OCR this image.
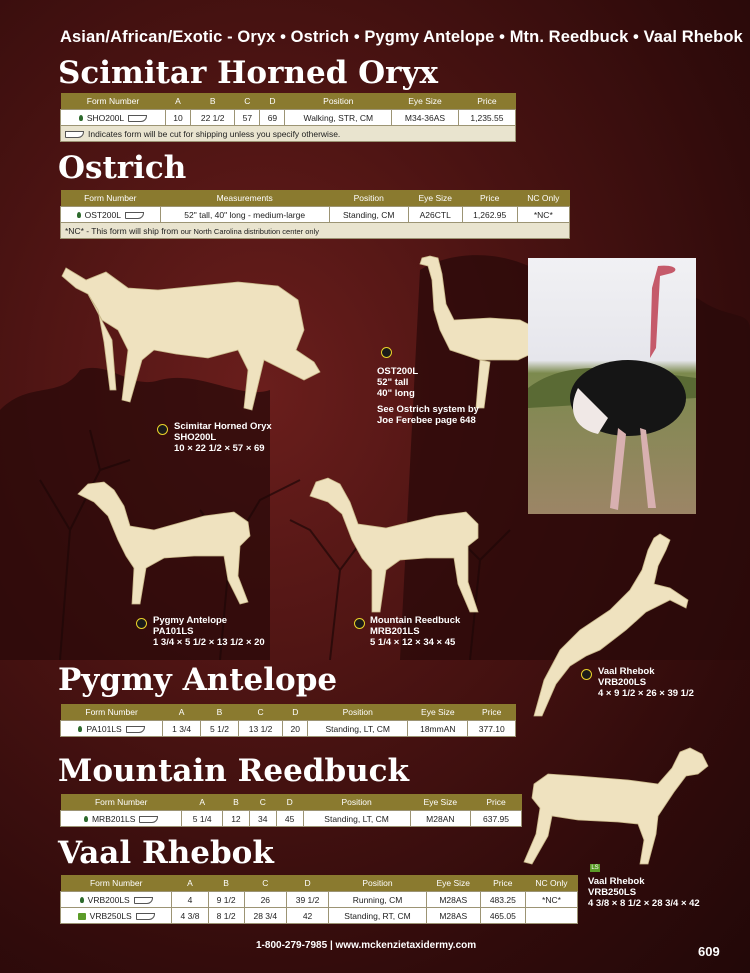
Asian/African/Exotic - Oryx • Ostrich • Pygmy Antelope • Mtn. Reedbuck • Vaal Rhebok
Scimitar Horned Oryx
Form Number	A	B	C	D	Position	Eye Size	Price
SHO200L	10	22 1/2	57	69	Walking, STR, CM	M34-36AS	1,235.55
Indicates form will be cut for shipping unless you specify otherwise.							
Ostrich
Form Number	Measurements	Position	Eye Size	Price	NC Only
OST200L	52" tall, 40" long - medium-large	Standing, CM	A26CTL	1,262.95	*NC*
*NC* - This form will ship from our North Carolina distribution center only					
OST200L
52" tall
40" long
See Ostrich system by
Joe Ferebee page 648
Scimitar Horned Oryx
SHO200L
10 × 22 1/2 × 57 × 69
Pygmy Antelope
PA101LS
1 3/4 × 5 1/2 × 13 1/2 × 20
Mountain Reedbuck
MRB201LS
5 1/4 × 12 × 34 × 45
Vaal Rhebok
VRB200LS
4 × 9 1/2 × 26 × 39 1/2
Pygmy Antelope
Form Number	A	B	C	D	Position	Eye Size	Price
PA101LS	1 3/4	5 1/2	13 1/2	20	Standing, LT, CM	18mmAN	377.10
LS
Vaal Rhebok
VRB250LS
4 3/8 × 8 1/2 × 28 3/4 × 42
Mountain Reedbuck
Form Number	A	B	C	D	Position	Eye Size	Price
MRB201LS	5 1/4	12	34	45	Standing, LT, CM	M28AN	637.95
Vaal Rhebok
Form Number	A	B	C	D	Position	Eye Size	Price	NC Only
VRB200LS	4	9 1/2	26	39 1/2	Running, CM	M28AS	483.25	*NC*
VRB250LS	4 3/8	8 1/2	28 3/4	42	Standing, RT, CM	M28AS	465.05	
1-800-279-7985 | www.mckenzietaxidermy.com	609
